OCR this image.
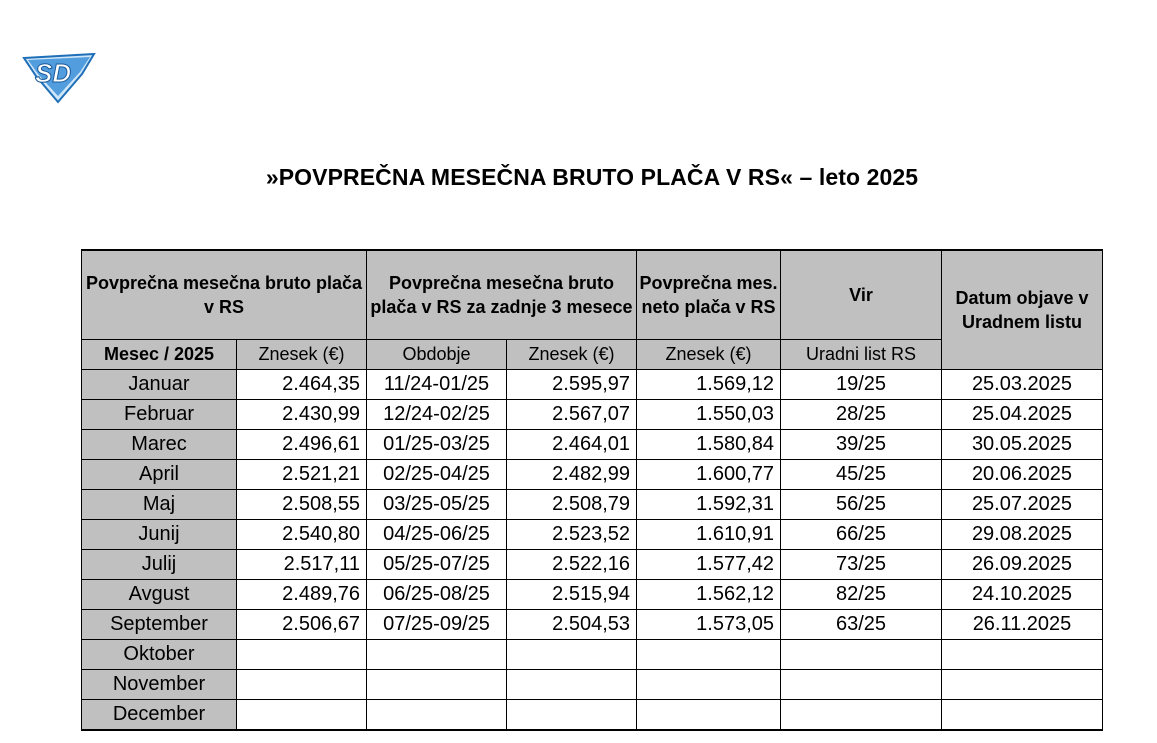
SD
»POVPREČNA MESEČNA BRUTO PLAČA V RS« – leto 2025
Povprečna mesečna bruto plača v RS		Povprečna mesečna bruto plača v RS za zadnje 3 mesece		Povprečna mes. neto plača v RS	Vir	Datum objave v Uradnem listu
Mesec / 2025	Znesek (€)	Obdobje	Znesek (€)	Znesek (€)	Uradni list RS	
Januar	2.464,35	11/24-01/25	2.595,97	1.569,12	19/25	25.03.2025
Februar	2.430,99	12/24-02/25	2.567,07	1.550,03	28/25	25.04.2025
Marec	2.496,61	01/25-03/25	2.464,01	1.580,84	39/25	30.05.2025
April	2.521,21	02/25-04/25	2.482,99	1.600,77	45/25	20.06.2025
Maj	2.508,55	03/25-05/25	2.508,79	1.592,31	56/25	25.07.2025
Junij	2.540,80	04/25-06/25	2.523,52	1.610,91	66/25	29.08.2025
Julij	2.517,11	05/25-07/25	2.522,16	1.577,42	73/25	26.09.2025
Avgust	2.489,76	06/25-08/25	2.515,94	1.562,12	82/25	24.10.2025
September	2.506,67	07/25-09/25	2.504,53	1.573,05	63/25	26.11.2025
Oktober						
November						
December						
